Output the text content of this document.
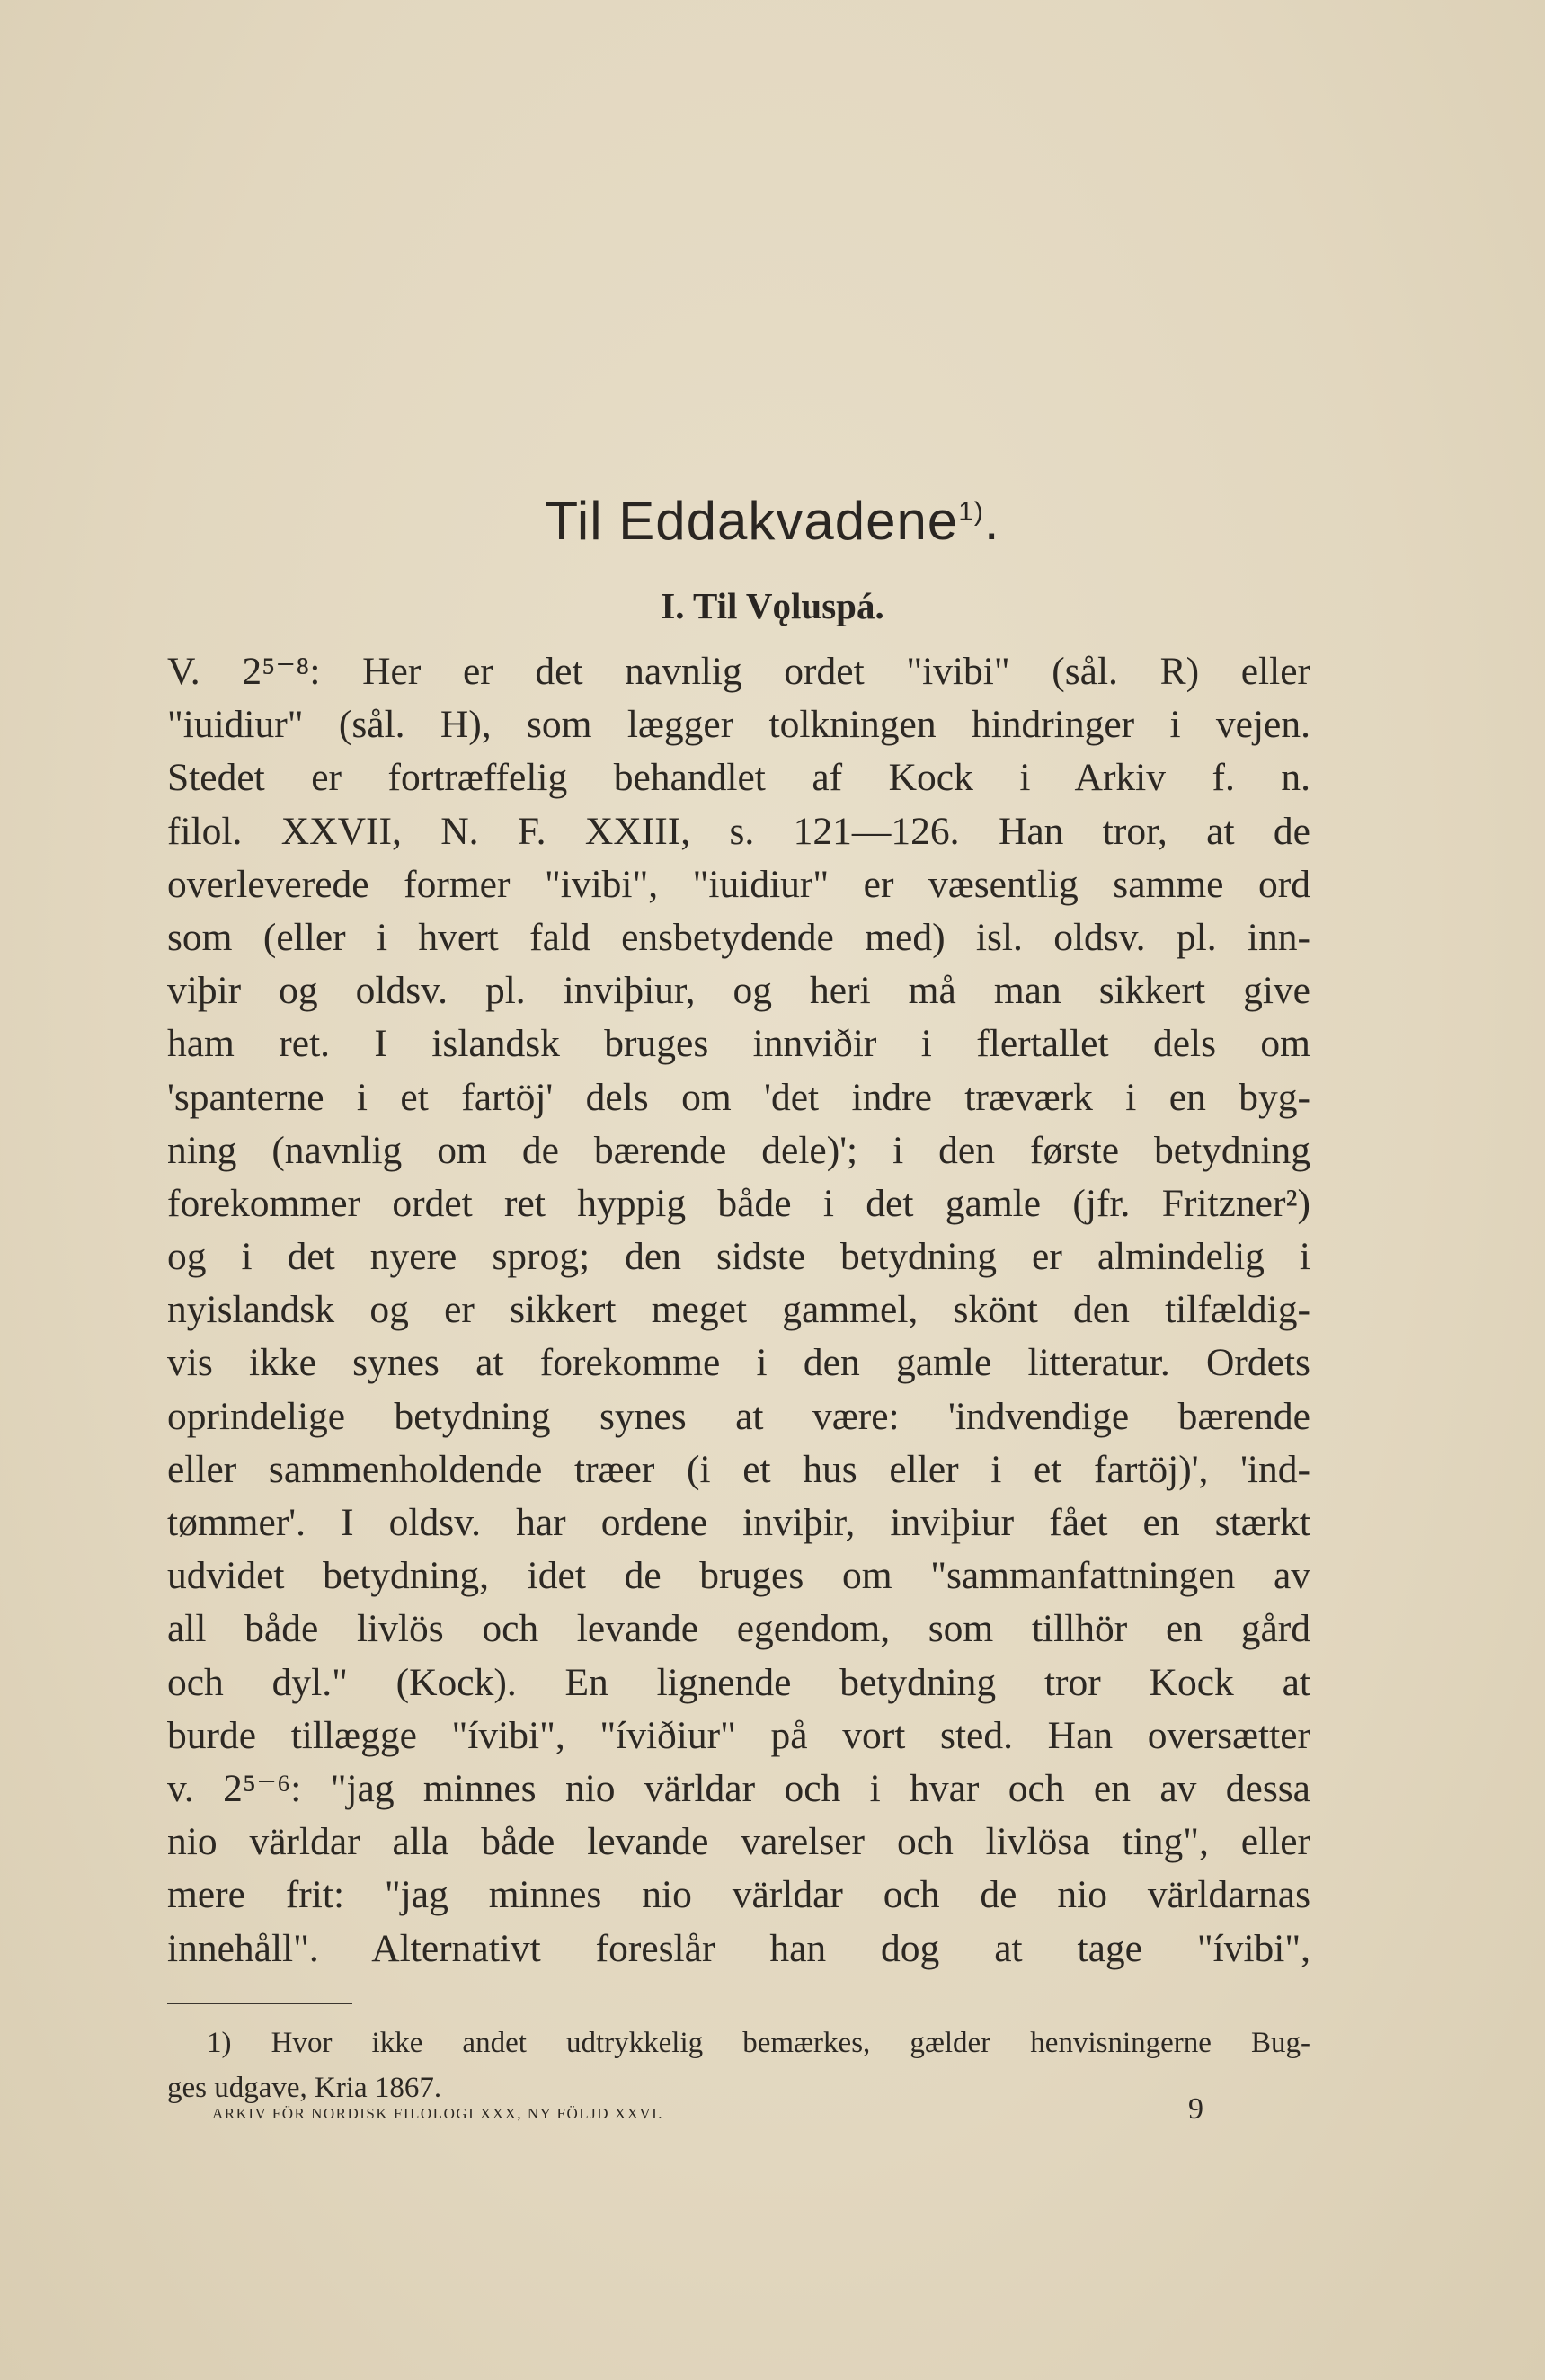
Til Eddakvadene$^{1)}$.
I. Til Vǫluspá.
V. 2⁵⁻⁸: Her er det navnlig ordet "ivibi" (sål. R) eller
"iuidiur" (sål. H), som lægger tolkningen hindringer i vejen.
Stedet er fortræffelig behandlet af Kock i Arkiv f. n.
filol. XXVII, N. F. XXIII, s. 121—126. Han tror, at de
overleverede former "ivibi", "iuidiur" er væsentlig samme ord
som (eller i hvert fald ensbetydende med) isl. oldsv. pl. inn-
viþir og oldsv. pl. inviþiur, og heri må man sikkert give
ham ret. I islandsk bruges innviðir i flertallet dels om
'spanterne i et fartöj' dels om 'det indre træværk i en byg-
ning (navnlig om de bærende dele)'; i den første betydning
forekommer ordet ret hyppig både i det gamle (jfr. Fritzner²)
og i det nyere sprog; den sidste betydning er almindelig i
nyislandsk og er sikkert meget gammel, skönt den tilfældig-
vis ikke synes at forekomme i den gamle litteratur. Ordets
oprindelige betydning synes at være: 'indvendige bærende
eller sammenholdende træer (i et hus eller i et fartöj)', 'ind-
tømmer'. I oldsv. har ordene inviþir, inviþiur fået en stærkt
udvidet betydning, idet de bruges om "sammanfattningen av
all både livlös och levande egendom, som tillhör en gård
och dyl." (Kock). En lignende betydning tror Kock at
burde tillægge "ívibi", "íviðiur" på vort sted. Han oversætter
v. 2⁵⁻⁶: "jag minnes nio världar och i hvar och en av dessa
nio världar alla både levande varelser och livlösa ting", eller
mere frit: "jag minnes nio världar och de nio världarnas
innehåll". Alternativt foreslår han dog at tage "ívibi",
1) Hvor ikke andet udtrykkelig bemærkes, gælder henvisningerne Bug-
ges udgave, Kria 1867.
ARKIV FÖR NORDISK FILOLOGI XXX, NY FÖLJD XXVI.	9
